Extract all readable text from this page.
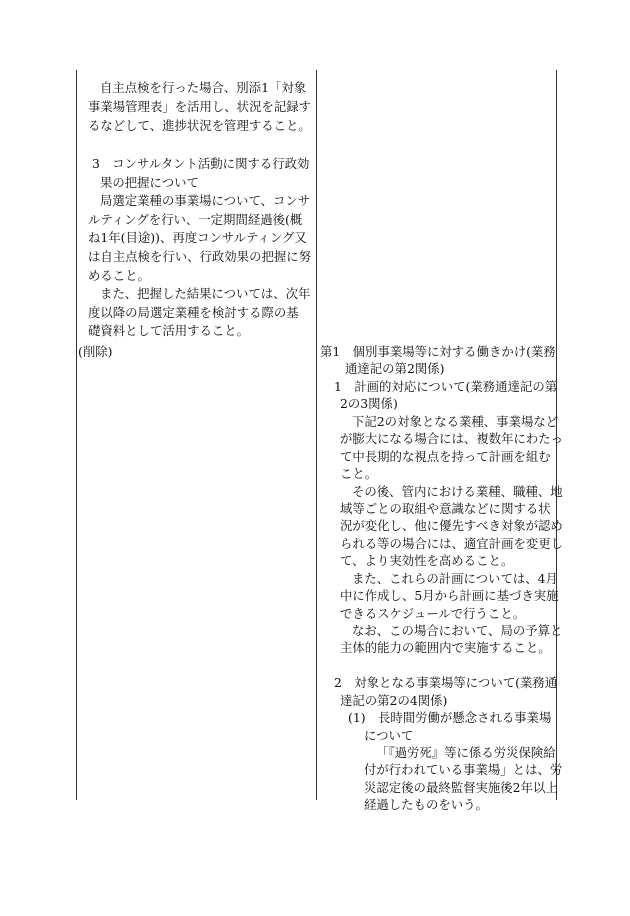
自主点検を行った場合、別添1「対象
事業場管理表」を活用し、状況を記録す
るなどして、進捗状況を管理すること。
3　コンサルタント活動に関する行政効
果の把握について
局選定業種の事業場について、コンサ
ルティングを行い、一定期間経過後(概
ね1年(目途))、再度コンサルティング又
は自主点検を行い、行政効果の把握に努
めること。
また、把握した結果については、次年
度以降の局選定業種を検討する際の基
礎資料として活用すること。
(削除)	第1　個別事業場等に対する働きかけ(業務
通達記の第2関係)
1　計画的対応について(業務通達記の第
2の3関係)
下記2の対象となる業種、事業場など
が膨大になる場合には、複数年にわたっ
て中長期的な視点を持って計画を組む
こと。
その後、管内における業種、職種、地
域等ごとの取組や意識などに関する状
況が変化し、他に優先すべき対象が認め
られる等の場合には、適宜計画を変更し
て、より実効性を高めること。
また、これらの計画については、4月
中に作成し、5月から計画に基づき実施
できるスケジュールで行うこと。
なお、この場合において、局の予算と
主体的能力の範囲内で実施すること。
2　対象となる事業場等について(業務通
達記の第2の4関係)
(1)　長時間労働が懸念される事業場
について
「『過労死』等に係る労災保険給
付が行われている事業場」とは、労
災認定後の最終監督実施後2年以上
経過したものをいう。
